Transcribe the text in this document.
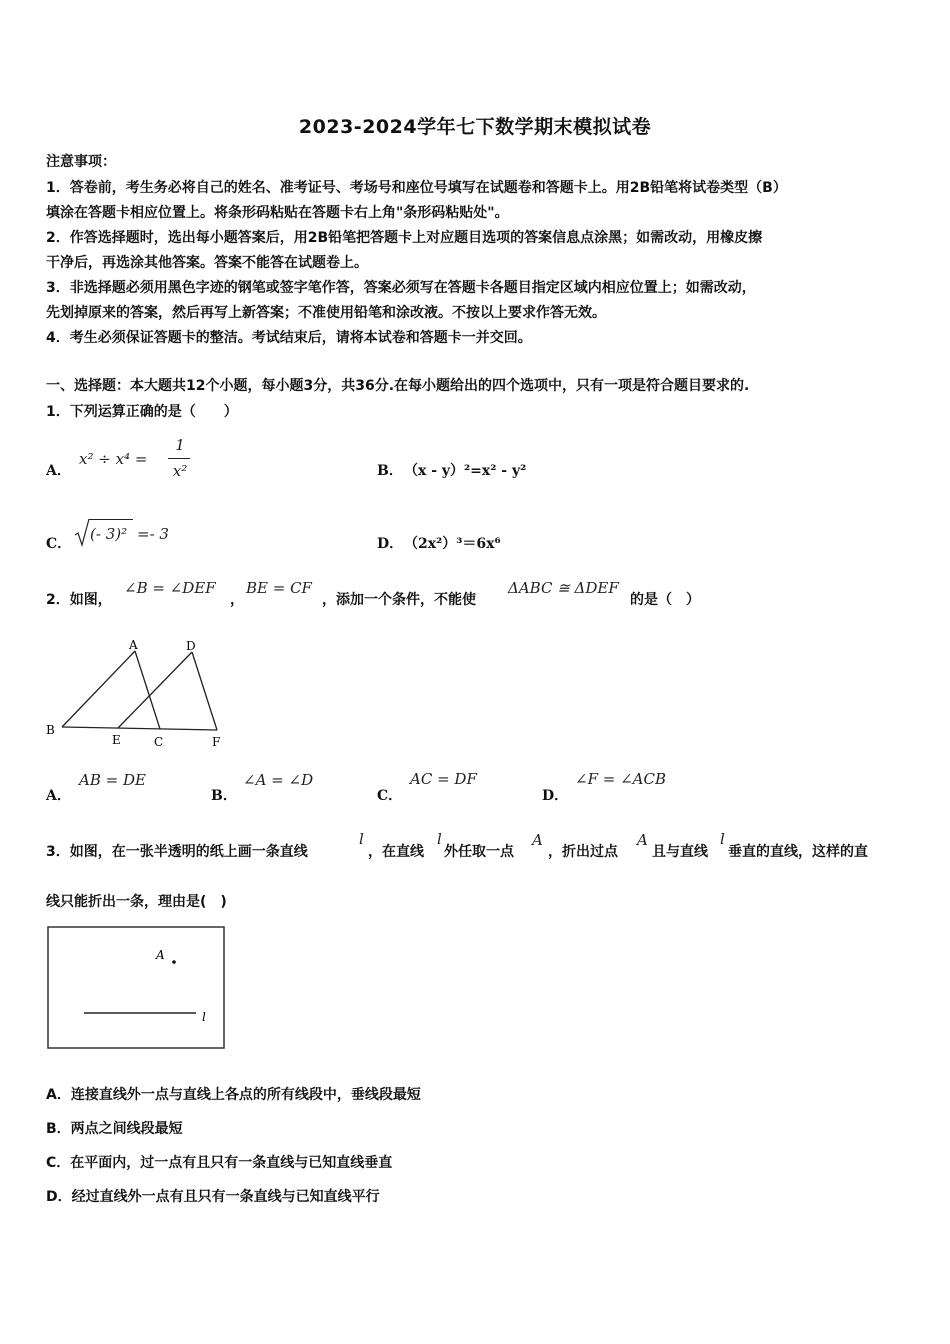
2023-2024学年七下数学期末模拟试卷
注意事项：
1．答卷前，考生务必将自己的姓名、准考证号、考场号和座位号填写在试题卷和答题卡上。用2B铅笔将试卷类型（B）
填涂在答题卡相应位置上。将条形码粘贴在答题卡右上角"条形码粘贴处"。
2．作答选择题时，选出每小题答案后，用2B铅笔把答题卡上对应题目选项的答案信息点涂黑；如需改动，用橡皮擦
干净后，再选涂其他答案。答案不能答在试题卷上。
3．非选择题必须用黑色字迹的钢笔或签字笔作答，答案必须写在答题卡各题目指定区域内相应位置上；如需改动，
先划掉原来的答案，然后再写上新答案；不准使用铅笔和涂改液。不按以上要求作答无效。
4．考生必须保证答题卡的整洁。考试结束后，请将本试卷和答题卡一并交回。
一、选择题：本大题共12个小题，每小题3分，共36分.在每小题给出的四个选项中，只有一项是符合题目要求的.
1．下列运算正确的是（　　）
A．
x² ÷ x⁴ =
1
x²	B． （x - y）²=x² - y²
C．
(- 3)² =- 3
D． （2x²）³＝6x⁶
2．如图，
∠B = ∠DEF
，
BE = CF
，添加一个条件，不能使
ΔABC ≅ ΔDEF
的是（　）
A
B
C
D
E	F
A．
AB = DE
B．
∠A = ∠D
C．
AC = DF
D．
∠F = ∠ACB
3．如图，在一张半透明的纸上画一条直线
l
，在直线
l
外任取一点
A
，折出过点
A
且与直线
l
垂直的直线，这样的直
线只能折出一条，理由是(　)
A
l
A．连接直线外一点与直线上各点的所有线段中，垂线段最短
B．两点之间线段最短
C．在平面内，过一点有且只有一条直线与已知直线垂直
D．经过直线外一点有且只有一条直线与已知直线平行
